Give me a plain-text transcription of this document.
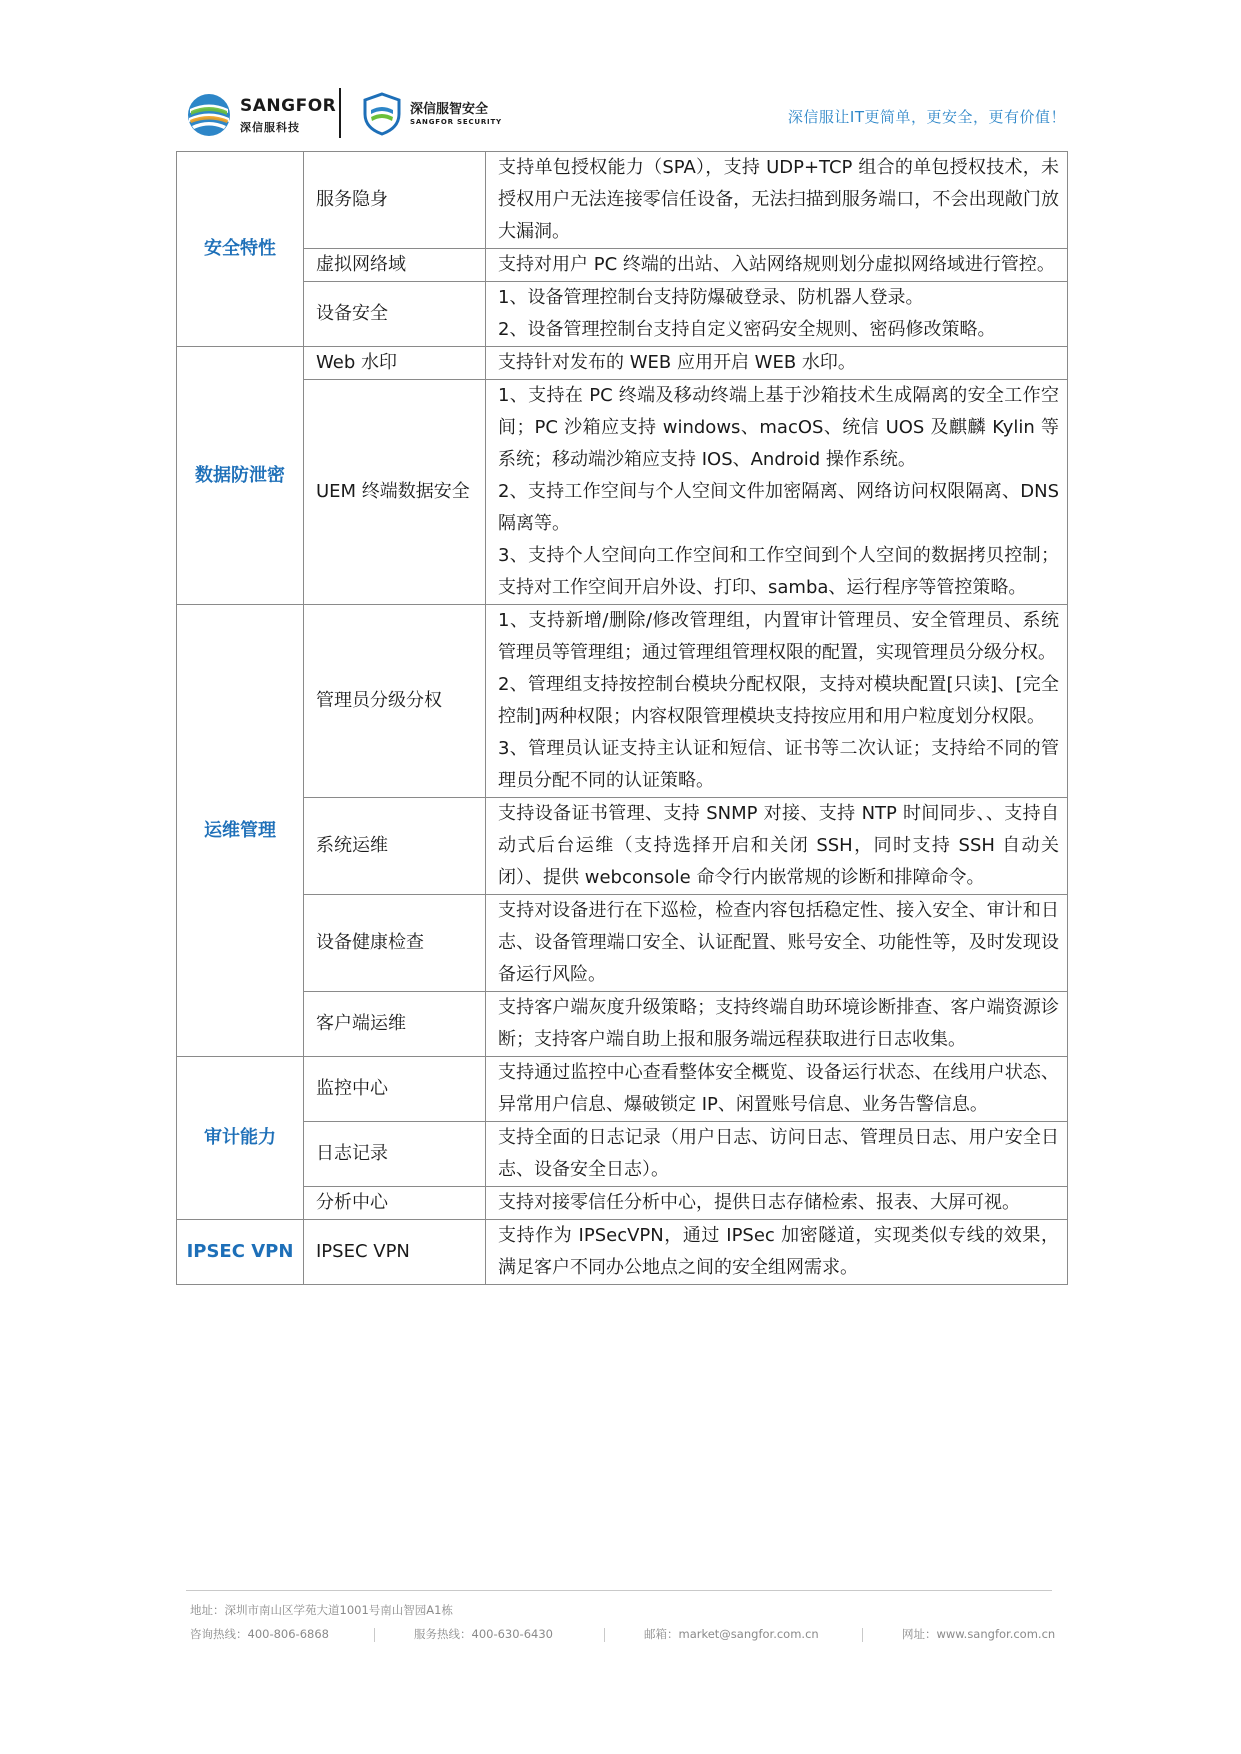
SANGFOR
深信服科技
深信服智安全
SANGFOR SECURITY	深信服让IT更简单，更安全，更有价值！
安全特性	服务隐身	支持单包授权能力（SPA），支持 UDP+TCP 组合的单包授权技术，未授权用户无法连接零信任设备，无法扫描到服务端口，不会出现敞门放大漏洞。

	虚拟网络域	支持对用户 PC 终端的出站、入站网络规则划分虚拟网络域进行管控。

	设备安全	1、设备管理控制台支持防爆破登录、防机器人登录。
2、设备管理控制台支持自定义密码安全规则、密码修改策略。

数据防泄密	Web 水印	支持针对发布的 WEB 应用开启 WEB 水印。

	UEM 终端数据安全	1、支持在 PC 终端及移动终端上基于沙箱技术生成隔离的安全工作空间；PC 沙箱应支持 windows、macOS、统信 UOS 及麒麟 Kylin 等系统；移动端沙箱应支持 IOS、Android 操作系统。
2、支持工作空间与个人空间文件加密隔离、网络访问权限隔离、DNS 隔离等。
3、支持个人空间向工作空间和工作空间到个人空间的数据拷贝控制；支持对工作空间开启外设、打印、samba、运行程序等管控策略。

运维管理	管理员分级分权	1、支持新增/删除/修改管理组，内置审计管理员、安全管理员、系统管理员等管理组；通过管理组管理权限的配置，实现管理员分级分权。
2、管理组支持按控制台模块分配权限，支持对模块配置[只读]、[完全控制]两种权限；内容权限管理模块支持按应用和用户粒度划分权限。
3、管理员认证支持主认证和短信、证书等二次认证；支持给不同的管理员分配不同的认证策略。

	系统运维	支持设备证书管理、支持 SNMP 对接、支持 NTP 时间同步、、支持自动式后台运维（支持选择开启和关闭 SSH，同时支持 SSH 自动关闭）、提供 webconsole 命令行内嵌常规的诊断和排障命令。

	设备健康检查	支持对设备进行在下巡检，检查内容包括稳定性、接入安全、审计和日志、设备管理端口安全、认证配置、账号安全、功能性等，及时发现设备运行风险。

	客户端运维	支持客户端灰度升级策略；支持终端自助环境诊断排查、客户端资源诊断；支持客户端自助上报和服务端远程获取进行日志收集。

审计能力	监控中心	支持通过监控中心查看整体安全概览、设备运行状态、在线用户状态、异常用户信息、爆破锁定 IP、闲置账号信息、业务告警信息。

	日志记录	支持全面的日志记录（用户日志、访问日志、管理员日志、用户安全日志、设备安全日志）。

	分析中心	支持对接零信任分析中心，提供日志存储检索、报表、大屏可视。

IPSEC VPN	IPSEC VPN	支持作为 IPSecVPN，通过 IPSec 加密隧道，实现类似专线的效果，满足客户不同办公地点之间的安全组网需求。
地址：深圳市南山区学苑大道1001号南山智园A1栋
咨询热线：400-806-6868	服务热线：400-630-6430	邮箱：market@sangfor.com.cn	网址：www.sangfor.com.cn
